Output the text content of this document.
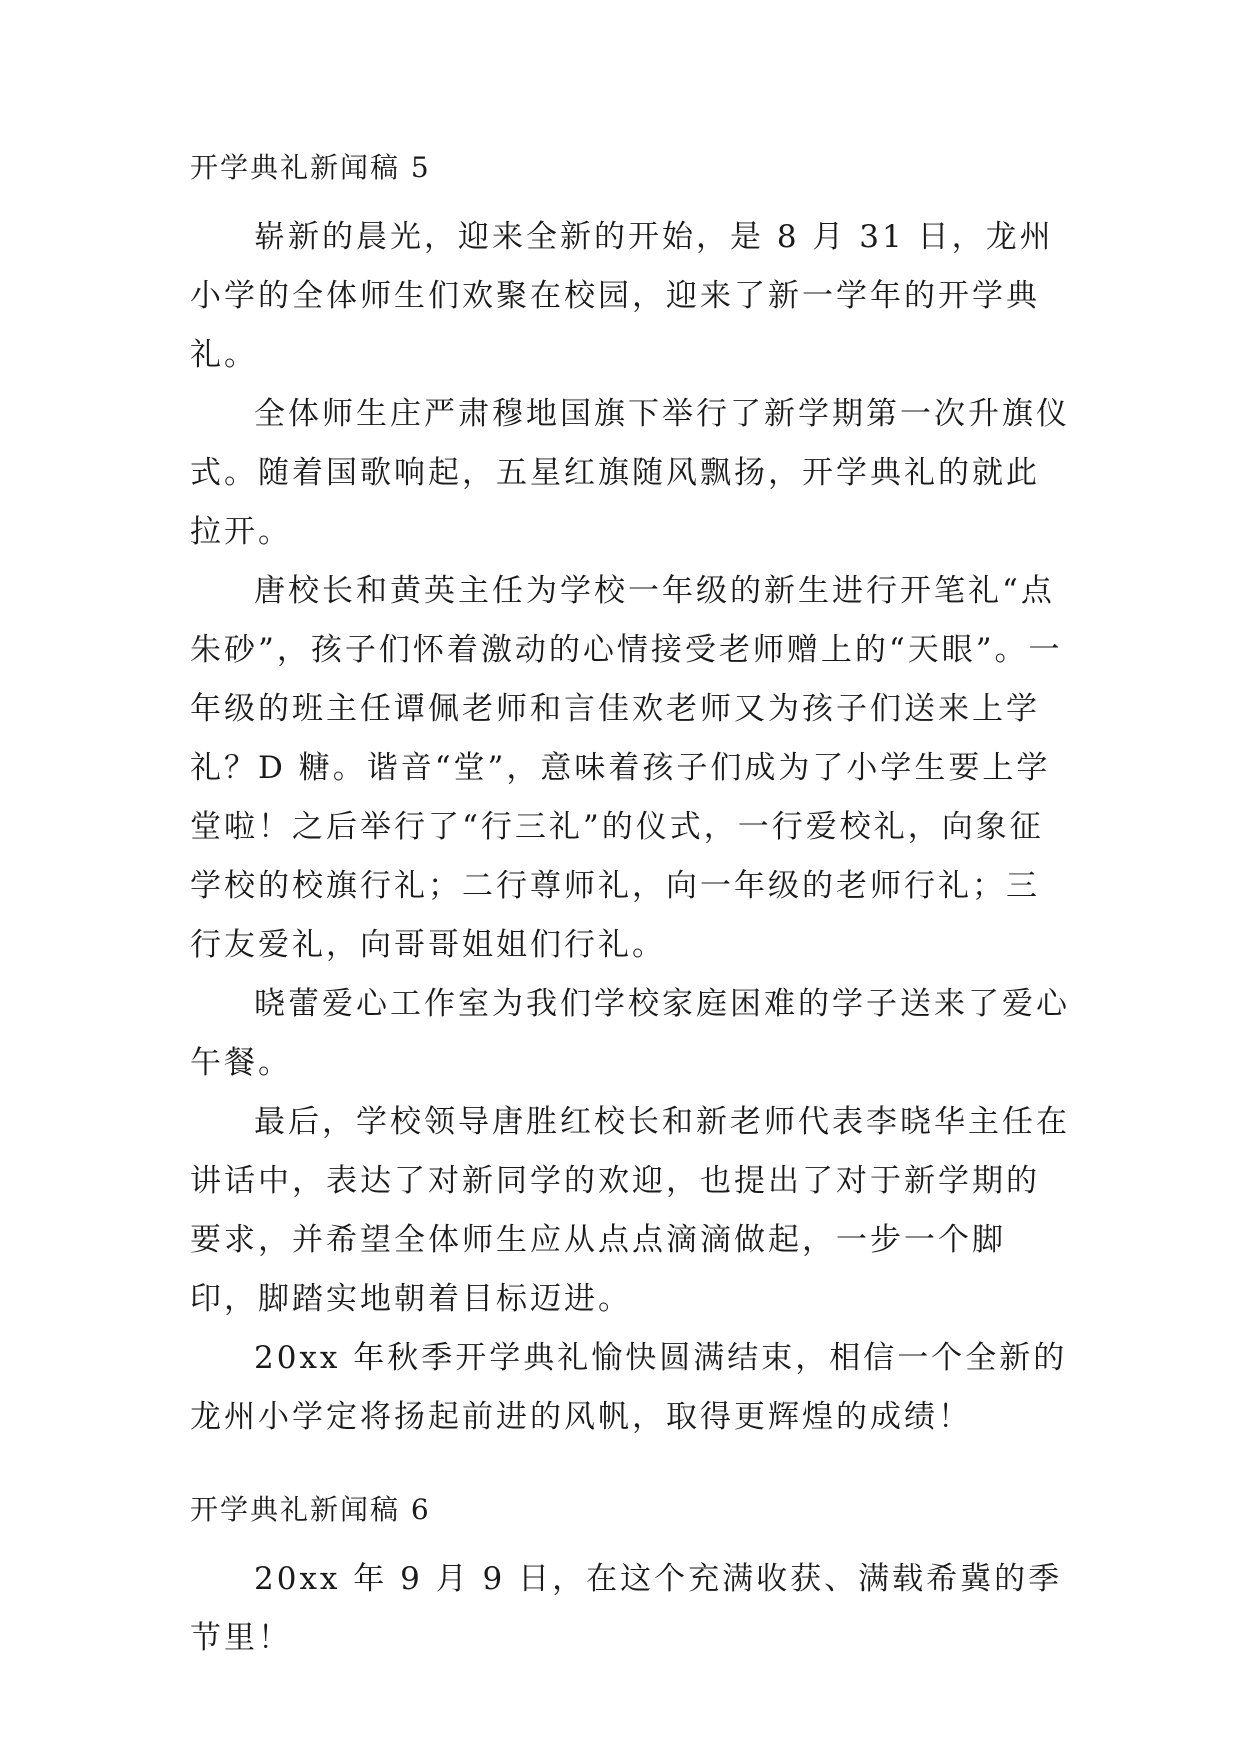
开学典礼新闻稿 5

崭新的晨光，迎来全新的开始，是 8 月 31 日，龙州小学的全体师生们欢聚在校园，迎来了新一学年的开学典礼。

全体师生庄严肃穆地国旗下举行了新学期第一次升旗仪式。随着国歌响起，五星红旗随风飘扬，开学典礼的就此拉开。

唐校长和黄英主任为学校一年级的新生进行开笔礼“点朱砂”，孩子们怀着激动的心情接受老师赠上的“天眼”。一年级的班主任谭佩老师和言佳欢老师又为孩子们送来上学礼？D 糖。谐音“堂”，意味着孩子们成为了小学生要上学堂啦！之后举行了“行三礼”的仪式，一行爱校礼，向象征学校的校旗行礼；二行尊师礼，向一年级的老师行礼；三行友爱礼，向哥哥姐姐们行礼。

晓蕾爱心工作室为我们学校家庭困难的学子送来了爱心午餐。

最后，学校领导唐胜红校长和新老师代表李晓华主任在讲话中，表达了对新同学的欢迎，也提出了对于新学期的要求，并希望全体师生应从点点滴滴做起，一步一个脚印，脚踏实地朝着目标迈进。

20xx 年秋季开学典礼愉快圆满结束，相信一个全新的龙州小学定将扬起前进的风帆，取得更辉煌的成绩！

开学典礼新闻稿 6

20xx 年 9 月 9 日，在这个充满收获、满载希冀的季节里！
